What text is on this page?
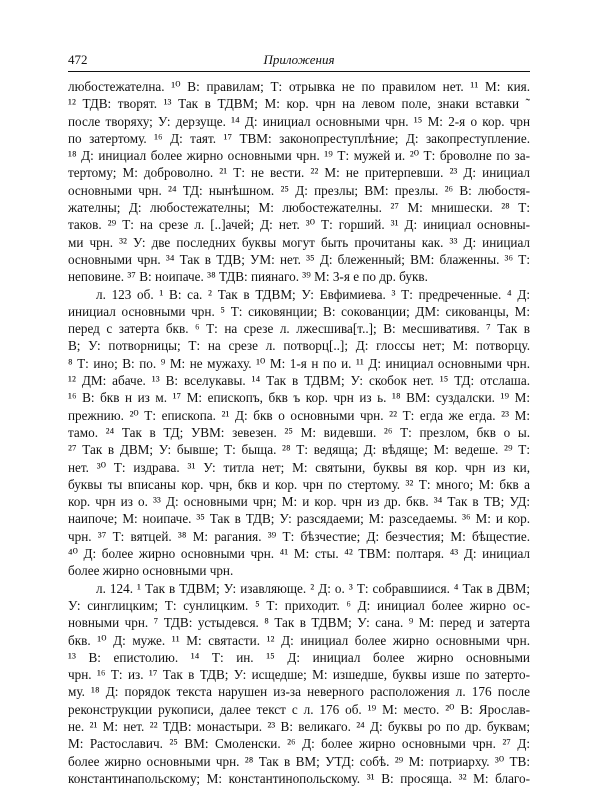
472	Приложения
любостежателна. ¹⁰ В: правилам; Т: отрывка не по правилом нет. ¹¹ М: кия.
¹² ТДВ: творят. ¹³ Так в ТДВМ; М: кор. чрн на левом поле, знаки вставки ˜
после творяху; У: дерзуще. ¹⁴ Д: инициал основными чрн. ¹⁵ М: 2-я о кор. чрн
по затертому. ¹⁶ Д: таят. ¹⁷ ТВМ: законопреступлѣние; Д: закопреступление.
¹⁸ Д: инициал более жирно основными чрн. ¹⁹ Т: мужей и. ²⁰ Т: броволне по за-
тертому; М: доброволно. ²¹ Т: не вести. ²² М: не притерпевши. ²³ Д: инициал
основными чрн. ²⁴ ТД: нынѣшном. ²⁵ Д: презлы; ВМ: презлы. ²⁶ В: любостя-
жателны; Д: любостежателны; М: любостежателны. ²⁷ М: мнишески. ²⁸ Т:
таков. ²⁹ Т: на срезе л. [..]ачей; Д: нет. ³⁰ Т: горший. ³¹ Д: инициал основны-
ми чрн. ³² У: две последних буквы могут быть прочитаны как. ³³ Д: инициал
основными чрн. ³⁴ Так в ТДВ; УМ: нет. ³⁵ Д: блеженный; ВМ: блаженны. ³⁶ Т:
неповине. ³⁷ В: ноипаче. ³⁸ ТДВ: пиянаго. ³⁹ М: 3-я е по др. букв.
л. 123 об. ¹ В: са. ² Так в ТДВМ; У: Евфимиева. ³ Т: предреченные. ⁴ Д:
инициал основными чрн. ⁵ Т: сиковянции; В: сокованции; ДМ: сикованцы, М:
перед с затерта бкв. ⁶ Т: на срезе л. лжесшива[т..]; В: месшивативя. ⁷ Так в
В; У: потворницы; Т: на срезе л. потворц[..]; Д: глоссы нет; М: потворцу.
⁸ Т: ино; В: по. ⁹ М: не мужаху. ¹⁰ М: 1-я н по и. ¹¹ Д: инициал основными чрн.
¹² ДМ: абаче. ¹³ В: вселукавы. ¹⁴ Так в ТДВМ; У: скобок нет. ¹⁵ ТД: отслаша.
¹⁶ В: бкв н из м. ¹⁷ М: епископъ, бкв ъ кор. чрн из ь. ¹⁸ ВМ: суздалски. ¹⁹ М:
прежнию. ²⁰ Т: епископа. ²¹ Д: бкв о основными чрн. ²² Т: егда же егда. ²³ М:
тамо. ²⁴ Так в ТД; УВМ: зевезен. ²⁵ М: видевши. ²⁶ Т: презлом, бкв о ы.
²⁷ Так в ДВМ; У: бывше; Т: быща. ²⁸ Т: ведяща; Д: вѣдяще; М: ведеше. ²⁹ Т:
нет. ³⁰ Т: издрава. ³¹ У: титла нет; М: святыни, буквы вя кор. чрн из ки,
буквы ты вписаны кор. чрн, бкв и кор. чрн по стертому. ³² Т: много; М: бкв а
кор. чрн из о. ³³ Д: основными чрн; М: и кор. чрн из др. бкв. ³⁴ Так в ТВ; УД:
наипоче; М: ноипаче. ³⁵ Так в ТДВ; У: разсядаеми; М: разседаемы. ³⁶ М: и кор.
чрн. ³⁷ Т: вятцей. ³⁸ М: рагания. ³⁹ Т: бѣзчестие; Д: безчестия; М: бѣщестие.
⁴⁰ Д: более жирно основными чрн. ⁴¹ М: сты. ⁴² ТВМ: полтаря. ⁴³ Д: инициал
более жирно основными чрн.
л. 124. ¹ Так в ТДВМ; У: изавляюще. ² Д: о. ³ Т: собравшиися. ⁴ Так в ДВМ;
У: синглицким; Т: сунлицким. ⁵ Т: приходит. ⁶ Д: инициал более жирно ос-
новными чрн. ⁷ ТДВ: устыдевся. ⁸ Так в ТДВМ; У: сана. ⁹ М: перед и затерта
бкв. ¹⁰ Д: муже. ¹¹ М: святасти. ¹² Д: инициал более жирно основными чрн.
¹³ В: епистолию. ¹⁴ Т: ин. ¹⁵ Д: инициал более жирно основными
чрн. ¹⁶ Т: из. ¹⁷ Так в ТДВ; У: исщедше; М: изшедше, буквы изше по затерто-
му. ¹⁸ Д: порядок текста нарушен из-за неверного расположения л. 176 после
реконструкции рукописи, далее текст с л. 176 об. ¹⁹ М: место. ²⁰ В: Ярослав-
не. ²¹ М: нет. ²² ТДВ: монастыри. ²³ В: великаго. ²⁴ Д: буквы ро по др. буквам;
М: Растославич. ²⁵ ВМ: Смоленски. ²⁶ Д: более жирно основными чрн. ²⁷ Д:
более жирно основными чрн. ²⁸ Так в ВМ; УТД: собѣ. ²⁹ М: потриарху. ³⁰ ТВ:
константинапольскому; М: константинопольскому. ³¹ В: просяща. ³² М: благо-
